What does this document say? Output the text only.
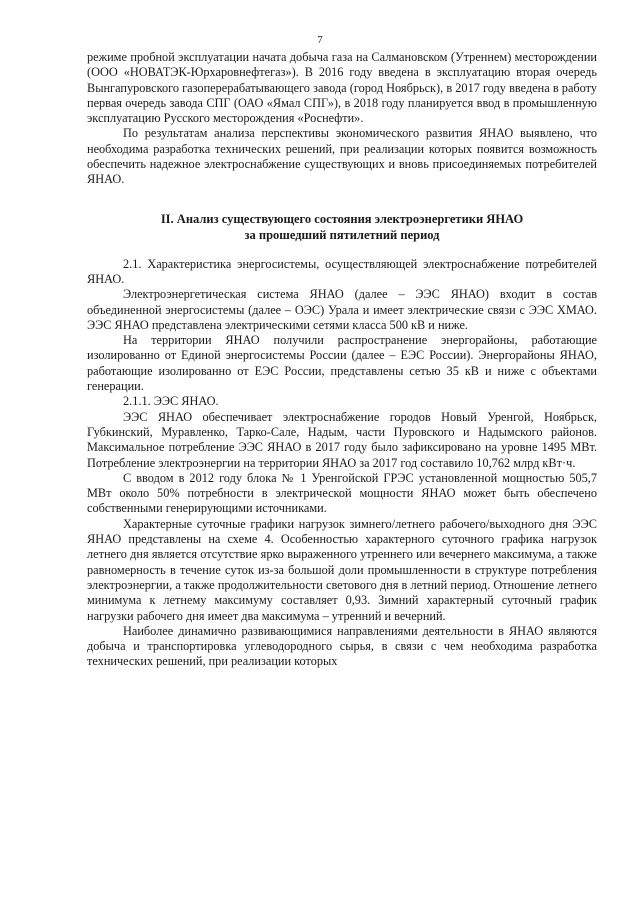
7

режиме пробной эксплуатации начата добыча газа на Салмановском (Утреннем) месторождении (ООО «НОВАТЭК-Юрхаровнефтегаз»). В 2016 году введена в эксплуатацию вторая очередь Вынгапуровского газоперерабатывающего завода (город Ноябрьск), в 2017 году введена в работу первая очередь завода СПГ (ОАО «Ямал СПГ»), в 2018 году планируется ввод в промышленную эксплуатацию Русского месторождения «Роснефти».

По результатам анализа перспективы экономического развития ЯНАО выявлено, что необходима разработка технических решений, при реализации которых появится возможность обеспечить надежное электроснабжение существующих и вновь присоединяемых потребителей ЯНАО.

II. Анализ существующего состояния электроэнергетики ЯНАО
за прошедший пятилетний период

2.1. Характеристика энергосистемы, осуществляющей электроснабжение потребителей ЯНАО.

Электроэнергетическая система ЯНАО (далее – ЭЭС ЯНАО) входит в состав объединенной энергосистемы (далее – ОЭС) Урала и имеет электрические связи с ЭЭС ХМАО. ЭЭС ЯНАО представлена электрическими сетями класса 500 кВ и ниже.

На территории ЯНАО получили распространение энергорайоны, работающие изолированно от Единой энергосистемы России (далее – ЕЭС России). Энергорайоны ЯНАО, работающие изолированно от ЕЭС России, представлены сетью 35 кВ и ниже с объектами генерации.

2.1.1. ЭЭС ЯНАО.

ЭЭС ЯНАО обеспечивает электроснабжение городов Новый Уренгой, Ноябрьск, Губкинский, Муравленко, Тарко-Сале, Надым, части Пуровского и Надымского районов. Максимальное потребление ЭЭС ЯНАО в 2017 году было зафиксировано на уровне 1495 МВт. Потребление электроэнергии на территории ЯНАО за 2017 год составило 10,762 млрд кВт·ч.

С вводом в 2012 году блока № 1 Уренгойской ГРЭС установленной мощностью 505,7 МВт около 50% потребности в электрической мощности ЯНАО может быть обеспечено собственными генерирующими источниками.

Характерные суточные графики нагрузок зимнего/летнего рабочего/выходного дня ЭЭС ЯНАО представлены на схеме 4. Особенностью характерного суточного графика нагрузок летнего дня является отсутствие ярко выраженного утреннего или вечернего максимума, а также равномерность в течение суток из-за большой доли промышленности в структуре потребления электроэнергии, а также продолжительности светового дня в летний период. Отношение летнего минимума к летнему максимуму составляет 0,93. Зимний характерный суточный график нагрузки рабочего дня имеет два максимума – утренний и вечерний.

Наиболее динамично развивающимися направлениями деятельности в ЯНАО являются добыча и транспортировка углеводородного сырья, в связи с чем необходима разработка технических решений, при реализации которых
